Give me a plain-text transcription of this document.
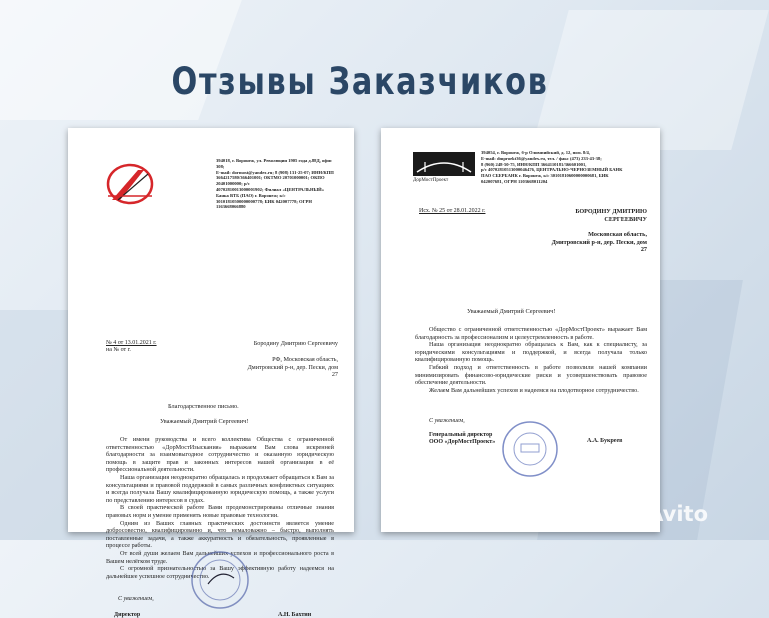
Отзывы Заказчиков

394018, г. Воронеж, ул. Революции 1905 года д.88Д, офис 308;

E-mail: dormost@yandex.ru; 8 (908) 131-25-07; ИНН/КПП

3664217580/366401001; ОКТМО 20701000001; ОКПО 20401000000; р/с

40702810013000001902; Филиал «ЦЕНТРАЛЬНЫЙ» Банка ВТБ (ПАО) г. Воронеж; к/с

30101810500000000778; БИК 042007778; ОГРН 1163668066880

№ 4 от 13.01.2021 г.

на № от г.

Бородину Дмитрию Сергеевичу

РФ, Московская область, Дмитровский р-н, дер. Пески, дом 27

Благодарственное письмо.
Уважаемый Дмитрий Сергеевич!

От имени руководства и всего коллектива Общества с ограниченной ответственностью «ДорМостИзыскания» выражаем Вам слова искренней благодарности за взаимовыгодное сотрудничество и оказанную юридическую помощь в защите прав и законных интересов нашей организации в её профессиональной деятельности.

Наша организация неоднократно обращалась и продолжает обращаться к Вам за консультациями и правовой поддержкой в самых различных конфликтных ситуациях и всегда получала Вашу квалифицированную юридическую помощь, а также услуги по представлению интересов в судах.

В своей практической работе Вами продемонстрированы отличные знания правовых норм и умение применять новые правовые технологии.

Одним из Ваших главных практических достоинств является умение добросовестно, квалифицированно и, что немаловажно – быстро, выполнять поставленные задачи, а также аккуратность и обязательность, проявленные в процессе работы.

От всей души желаем Вам дальнейших успехов и профессионального роста в Вашем нелёгком труде.

С огромной признательностью за Вашу эффективную работу надеемся на дальнейшее успешное сотрудничество.

С уважением,
Директор	А.Н. Бахтин
ДорМостПроект

394054, г. Воронеж, б-р Олимпийский, д. 12, пом. 8/4,

E-mail: dmproekt36@yandex.ru, тел. / факс (473) 233-43-38;

8 (960) 248-50-75, ИНН/КПП 3664110181/366601001,

р/с 40702810513000046476, ЦЕНТРАЛЬНО-ЧЕРНОЗЕМНЫЙ БАНК

ПАО СБЕРБАНК г. Воронеж, к/с 30101810600000000681, БИК

042007681, ОГРН 1103668011204

Исх. № 25 от 28.01.2022 г.	БОРОДИНУ ДМИТРИЮ СЕРГЕЕВИЧУ

Московская область, Дмитровский р-н, дер. Пески, дом 27

Уважаемый Дмитрий Сергеевич!

Общество с ограниченной ответственностью «ДорМостПроект» выражает Вам благодарность за профессионализм и целеустремленность в работе.

Наша организация неоднократно обращалась к Вам, как к специалисту, за юридическими консультациями и поддержкой, и всегда получала только квалифицированную помощь.

Гибкий подход и ответственность в работе позволили нашей компании минимизировать финансово-юридические риски и усовершенствовать правовое обеспечение деятельности.

Желаем Вам дальнейших успехов и надеемся на плодотворное сотрудничество.

С уважением,

Генеральный директор

ООО «ДорМостПроект»	А.А. Букреев
Avito
